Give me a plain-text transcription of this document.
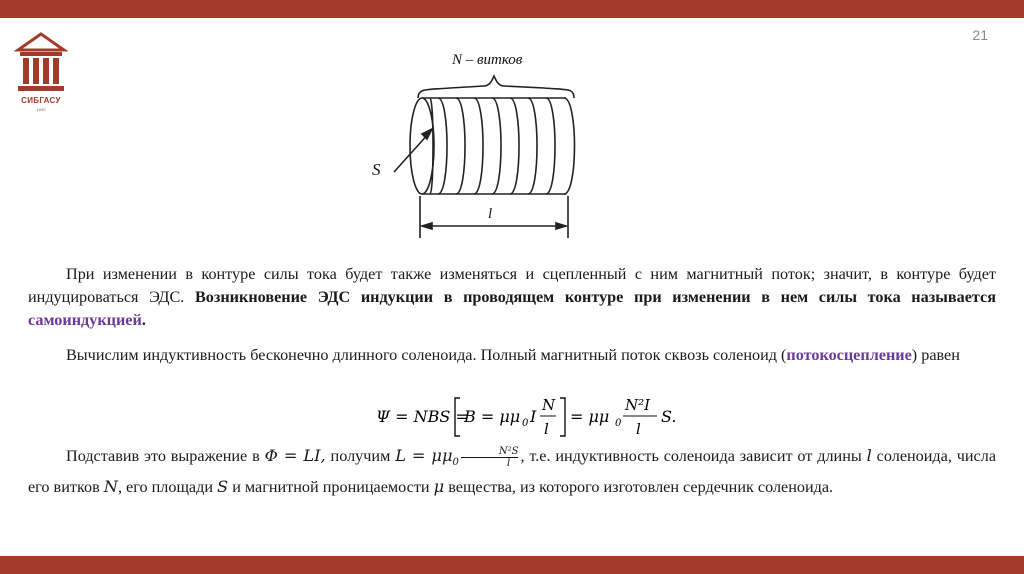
21
СИБГАСУ
1930
N – витков
S
l
При изменении в контуре силы тока будет также изменяться и сцепленный с ним магнитный поток; значит, в контуре будет индуцироваться ЭДС. Возникновение ЭДС индукции в проводящем контуре при изменении в нем силы тока называется самоиндукцией.
Вычислим индуктивность бесконечно длинного соленоида. Полный магнитный поток сквозь соленоид (потокосцепление) равен
Ψ = NBS =
B = μμ 0 I
N
l
= μμ 0
N²I
l
S.
Подставив это выражение в Φ = LI, получим $L = \mu\mu_0 \frac{\text{N²S}}{l}$ , т.е. индуктивность соленоида зависит от длины l соленоида, числа его витков N, его площади S и магнитной проницаемости μ вещества, из которого изготовлен сердечник соленоида.
